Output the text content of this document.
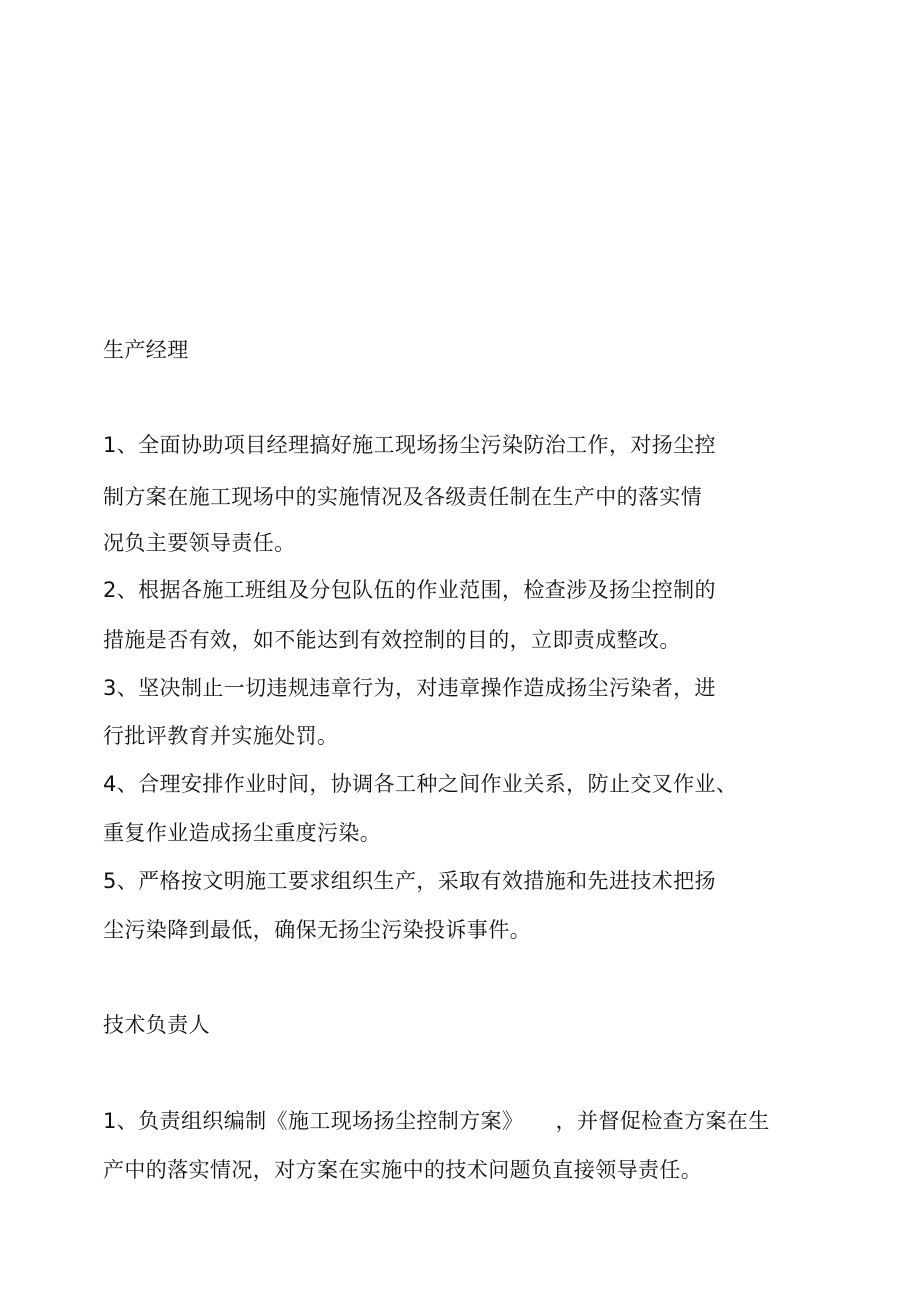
生产经理
1、全面协助项目经理搞好施工现场扬尘污染防治工作，对扬尘控
制方案在施工现场中的实施情况及各级责任制在生产中的落实情
况负主要领导责任。
2、根据各施工班组及分包队伍的作业范围，检查涉及扬尘控制的
措施是否有效，如不能达到有效控制的目的，立即责成整改。
3、坚决制止一切违规违章行为，对违章操作造成扬尘污染者，进
行批评教育并实施处罚。
4、合理安排作业时间，协调各工种之间作业关系，防止交叉作业、
重复作业造成扬尘重度污染。
5、严格按文明施工要求组织生产，采取有效措施和先进技术把扬
尘污染降到最低，确保无扬尘污染投诉事件。
技术负责人
1、负责组织编制《施工现场扬尘控制方案》　　，并督促检查方案在生
产中的落实情况，对方案在实施中的技术问题负直接领导责任。
